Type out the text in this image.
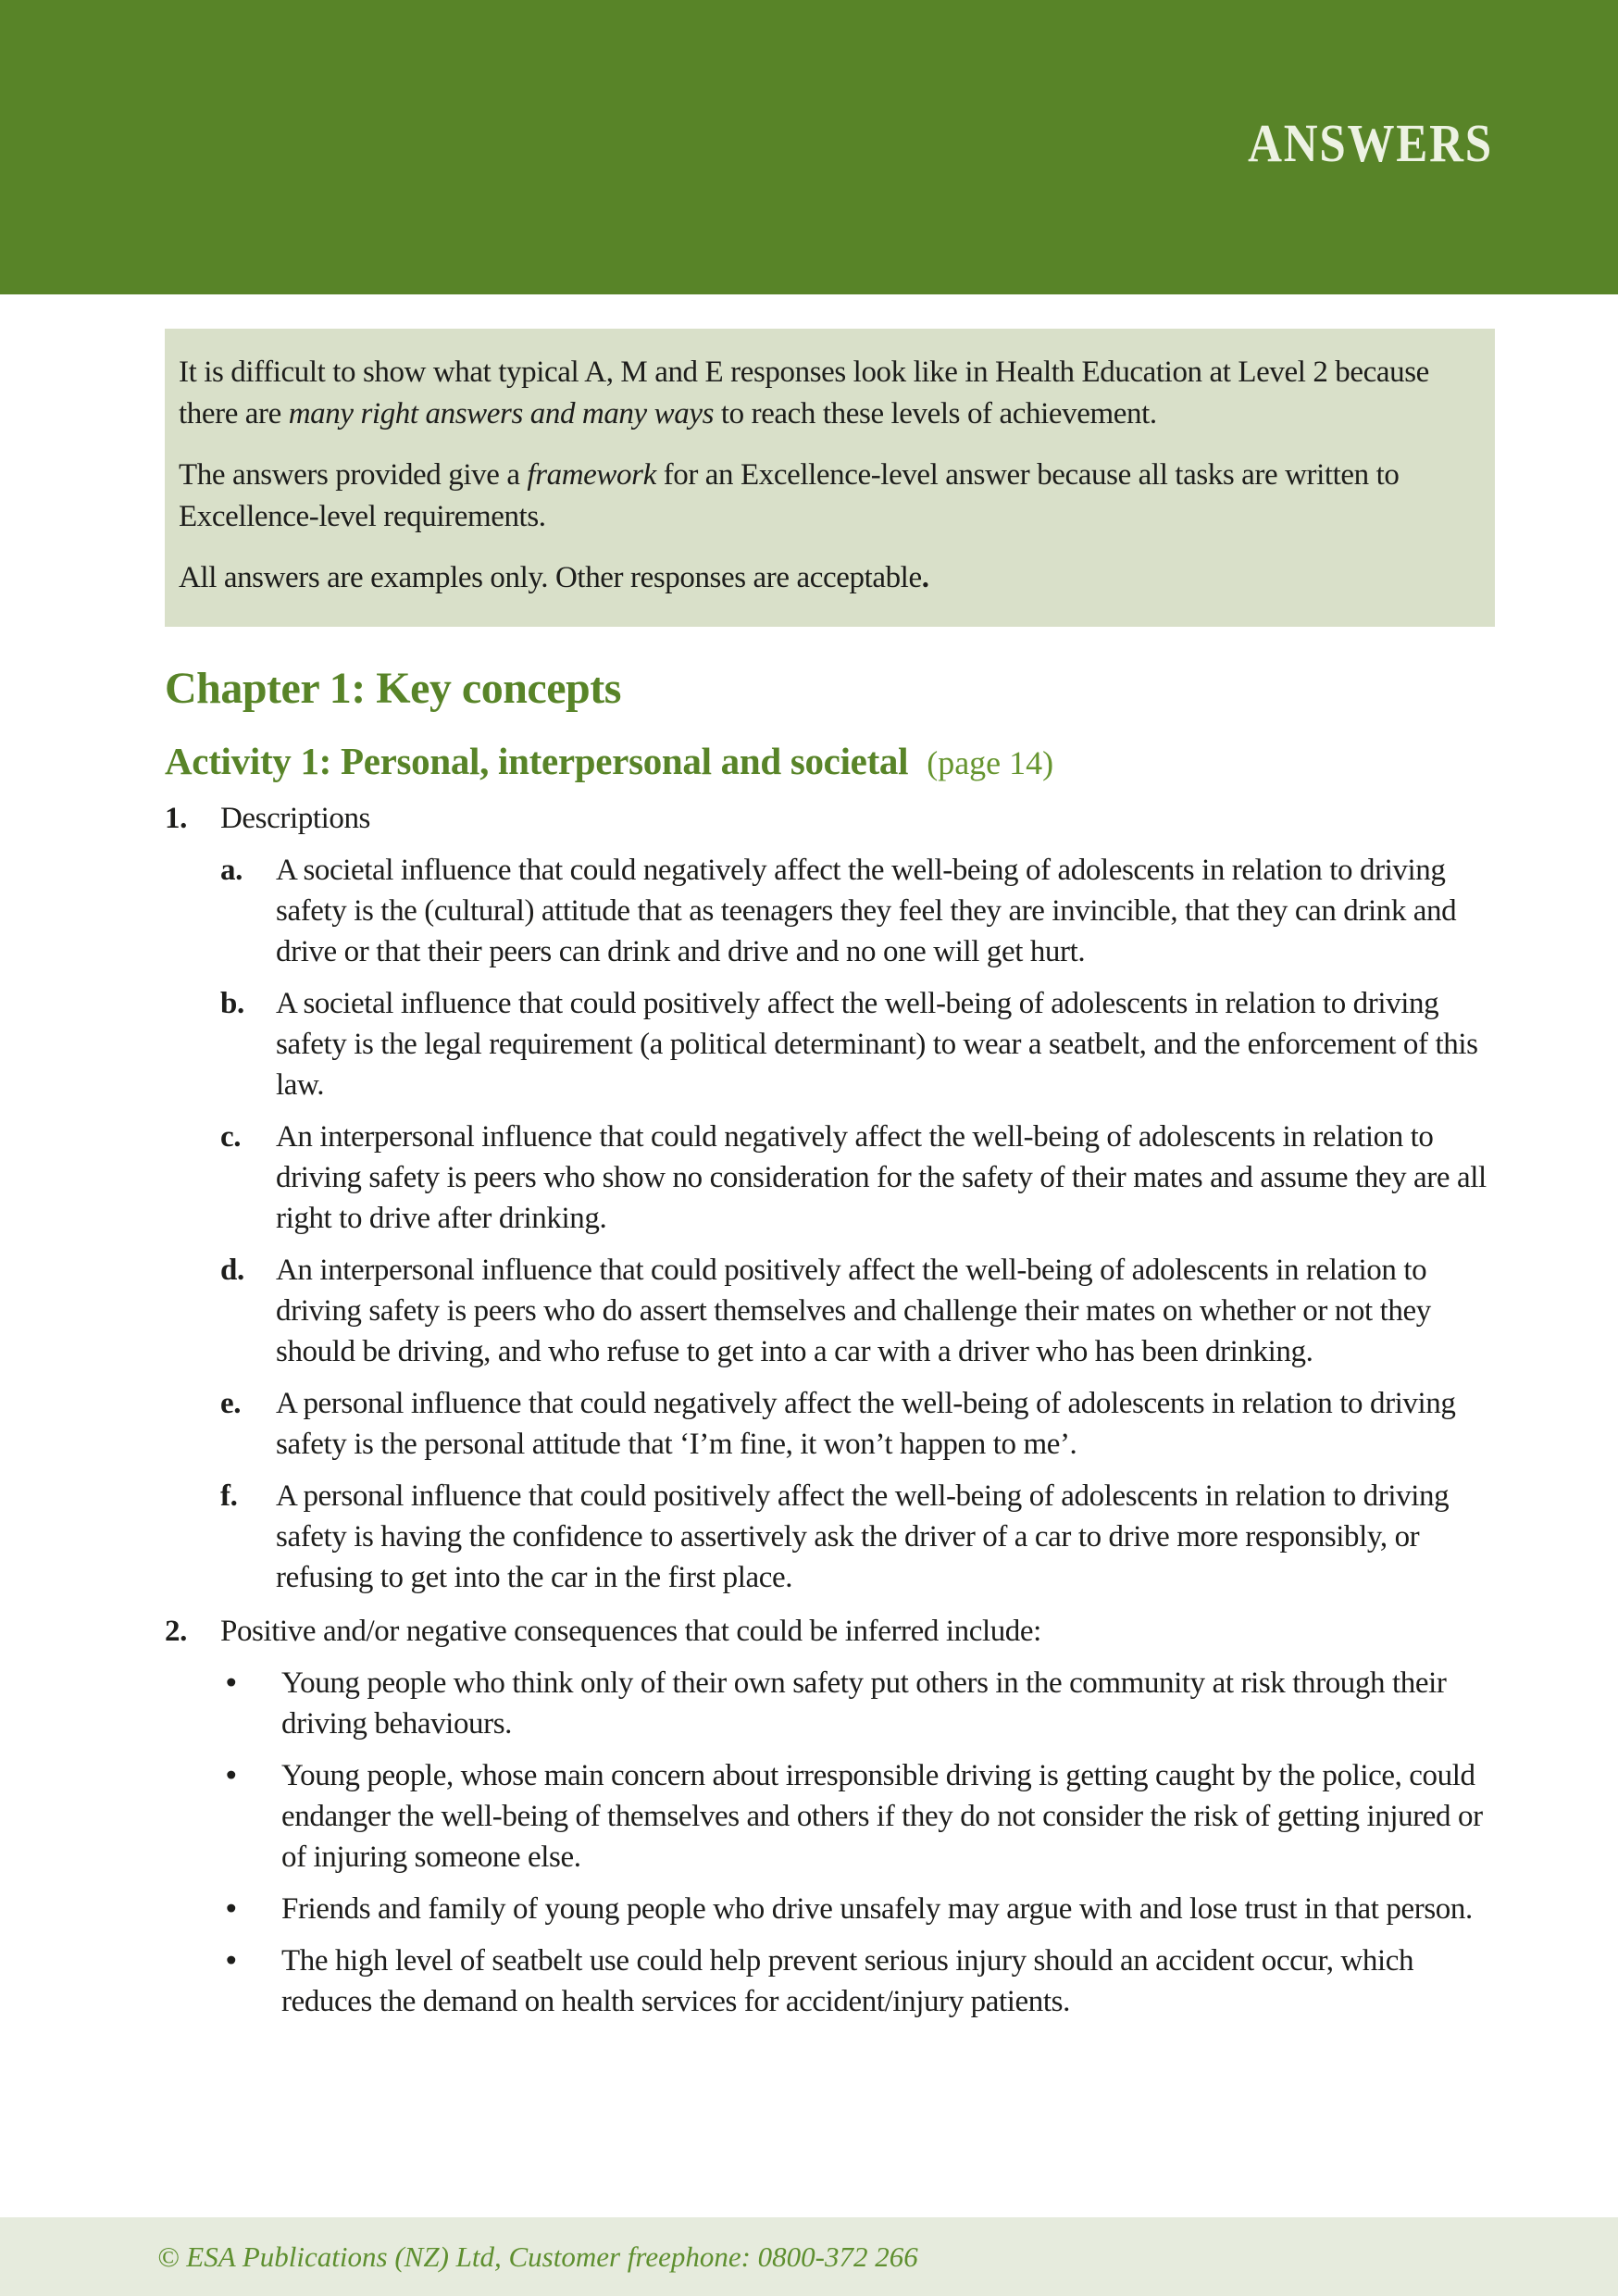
ANSWERS

It is difficult to show what typical A, M and E responses look like in Health Education at Level 2 because there are many right answers and many ways to reach these levels of achievement.

The answers provided give a framework for an Excellence-level answer because all tasks are written to Excellence-level requirements.

All answers are examples only. Other responses are acceptable.

Chapter 1: Key concepts
Activity 1: Personal, interpersonal and societal (page 14)
1.	Descriptions

a.	A societal influence that could negatively affect the well-being of adolescents in relation to driving safety is the (cultural) attitude that as teenagers they feel they are invincible, that they can drink and drive or that their peers can drink and drive and no one will get hurt.
b.	A societal influence that could positively affect the well-being of adolescents in relation to driving safety is the legal requirement (a political determinant) to wear a seatbelt, and the enforcement of this law.
c.	An interpersonal influence that could negatively affect the well-being of adolescents in relation to driving safety is peers who show no consideration for the safety of their mates and assume they are all right to drive after drinking.
d.	An interpersonal influence that could positively affect the well-being of adolescents in relation to driving safety is peers who do assert themselves and challenge their mates on whether or not they should be driving, and who refuse to get into a car with a driver who has been drinking.
e.	A personal influence that could negatively affect the well-being of adolescents in relation to driving safety is the personal attitude that ‘I’m fine, it won’t happen to me’.
f.	A personal influence that could positively affect the well-being of adolescents in relation to driving safety is having the confidence to assertively ask the driver of a car to drive more responsibly, or refusing to get into the car in the first place.
2.	Positive and/or negative consequences that could be inferred include:

•	Young people who think only of their own safety put others in the community at risk through their driving behaviours.
•	Young people, whose main concern about irresponsible driving is getting caught by the police, could endanger the well-being of themselves and others if they do not consider the risk of getting injured or of injuring someone else.
•	Friends and family of young people who drive unsafely may argue with and lose trust in that person.
•	The high level of seatbelt use could help prevent serious injury should an accident occur, which reduces the demand on health services for accident/injury patients.
© ESA Publications (NZ) Ltd, Customer freephone: 0800-372 266
